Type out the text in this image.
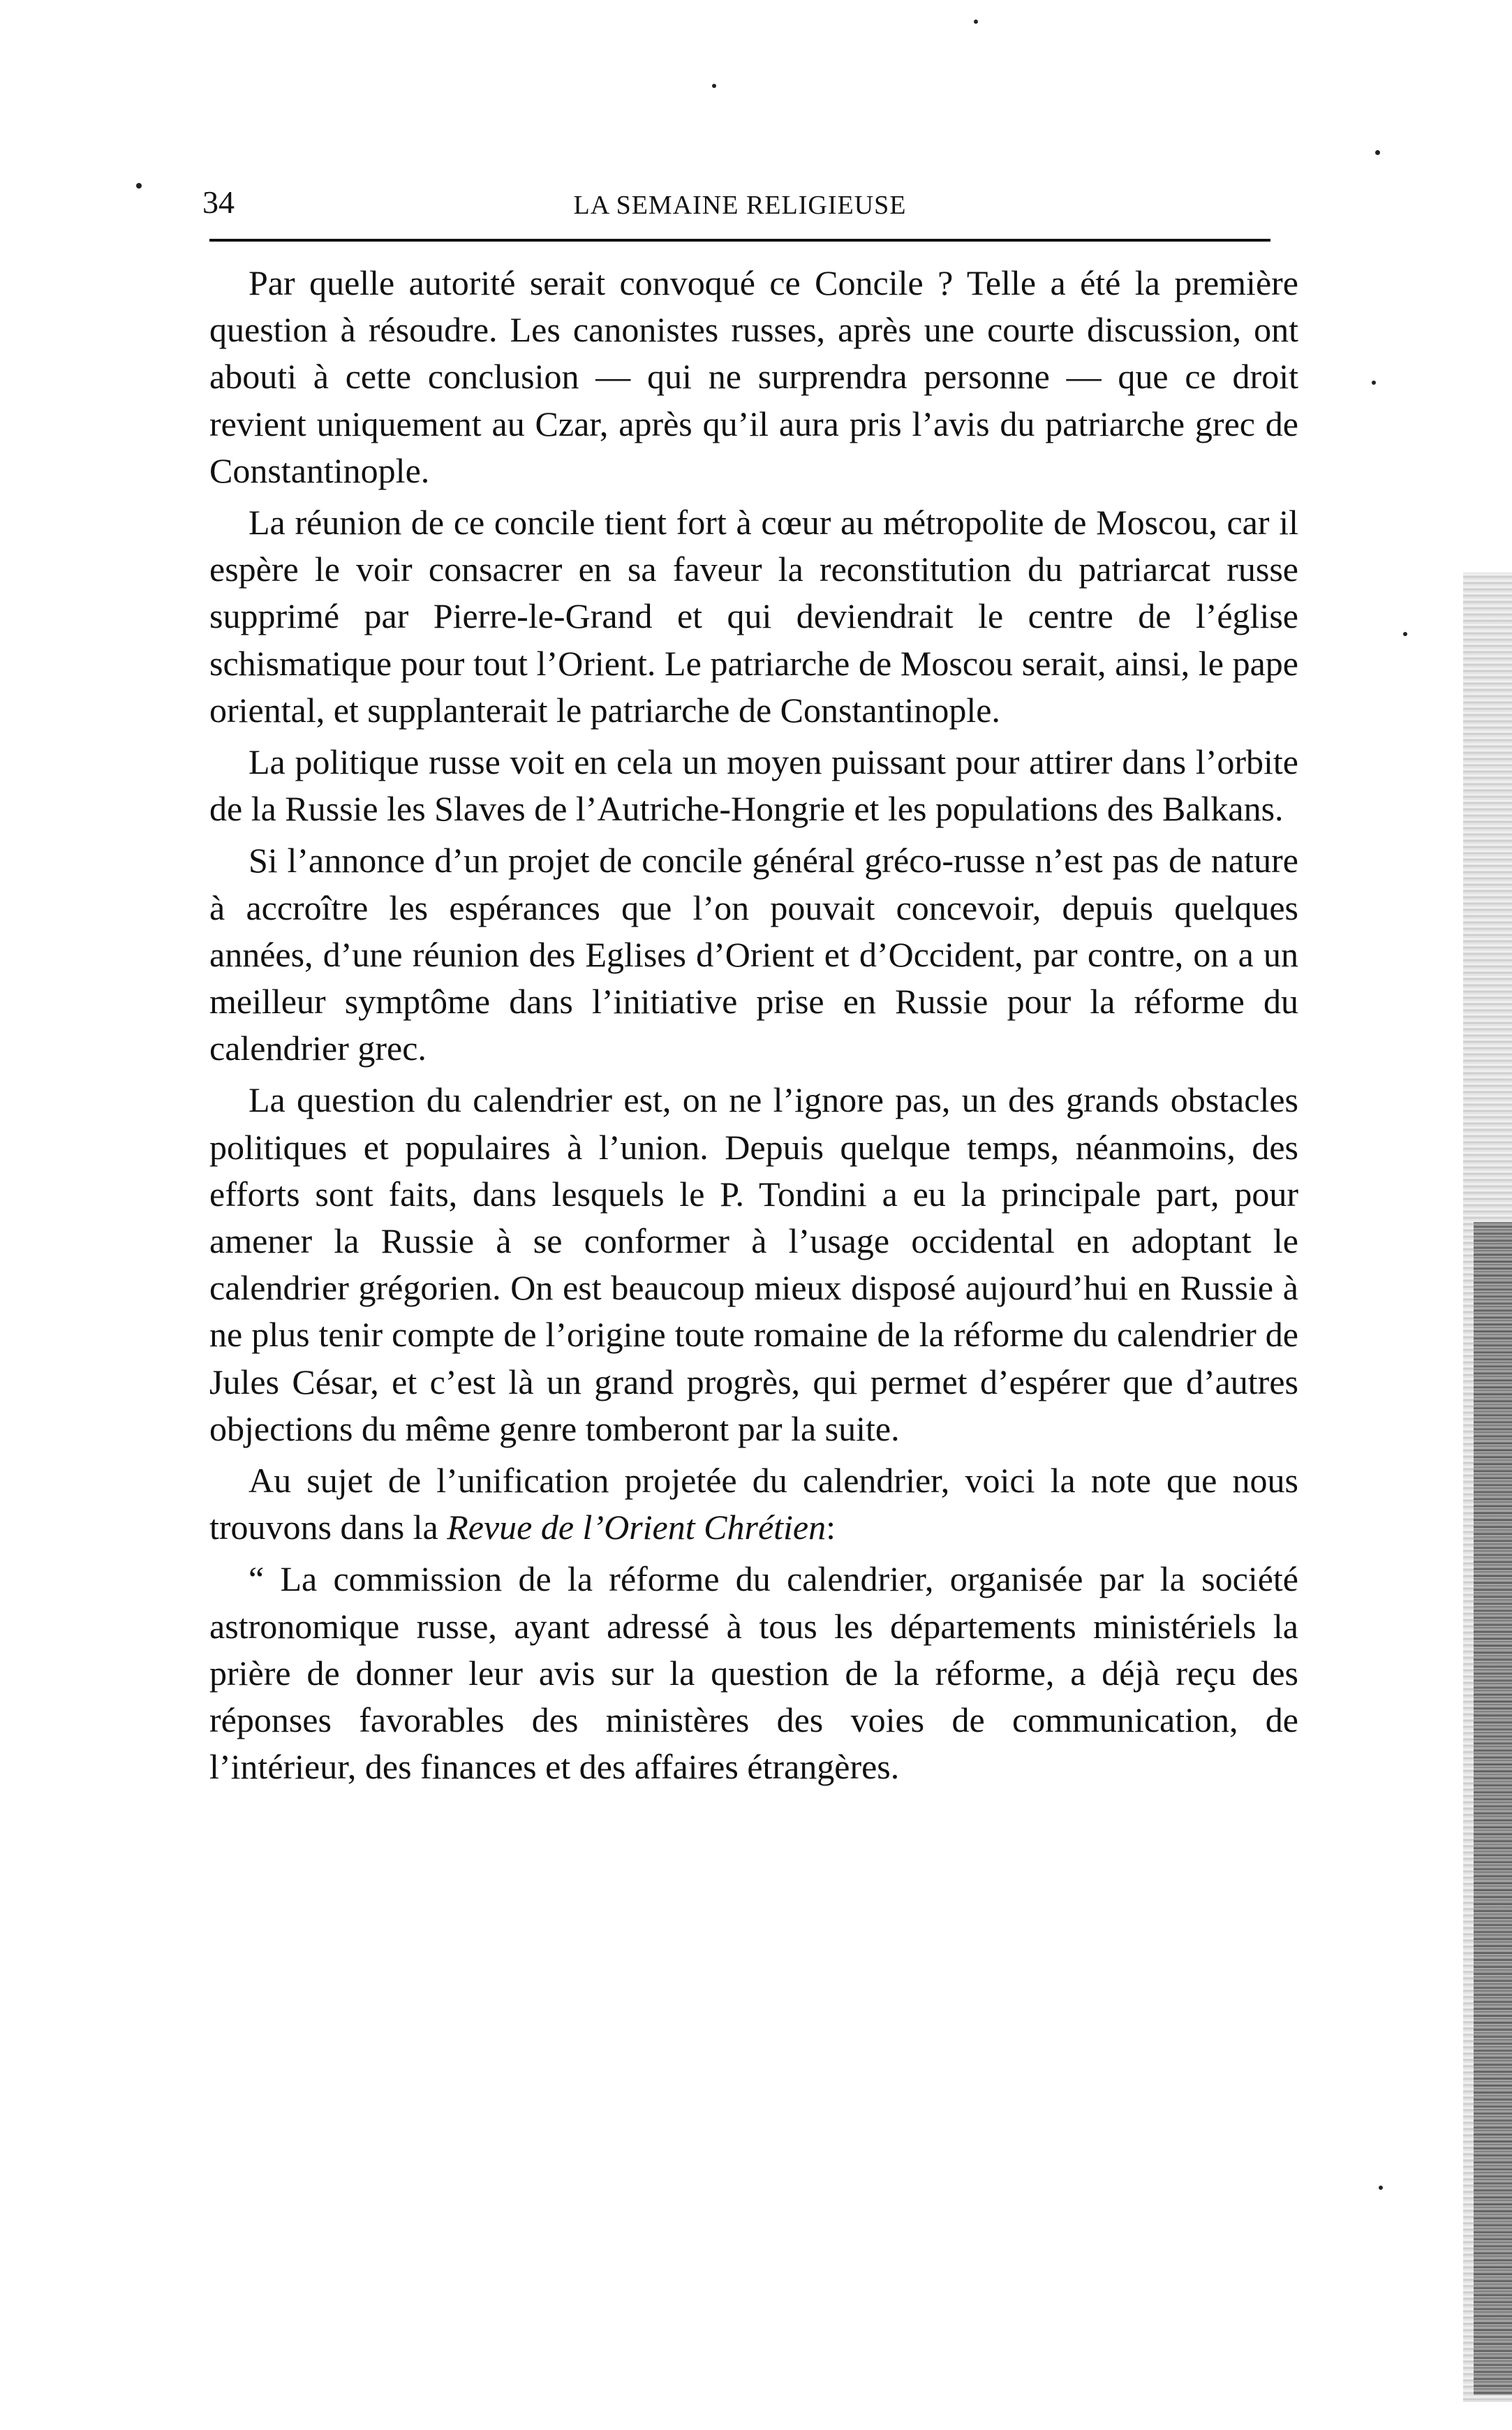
34	LA SEMAINE RELIGIEUSE

Par quelle autorité serait convoqué ce Concile ? Telle a été la première question à résoudre. Les canonistes russes, après une courte discussion, ont abouti à cette conclusion — qui ne surprendra personne — que ce droit revient uniquement au Czar, après qu’il aura pris l’avis du patriarche grec de Constantinople.

La réunion de ce concile tient fort à cœur au métropolite de Moscou, car il espère le voir consacrer en sa faveur la reconstitution du patriarcat russe supprimé par Pierre-le-Grand et qui deviendrait le centre de l’église schismatique pour tout l’Orient. Le patriarche de Moscou serait, ainsi, le pape oriental, et supplanterait le patriarche de Constantinople.

La politique russe voit en cela un moyen puissant pour attirer dans l’orbite de la Russie les Slaves de l’Autriche-Hongrie et les populations des Balkans.

Si l’annonce d’un projet de concile général gréco-russe n’est pas de nature à accroître les espérances que l’on pouvait concevoir, depuis quelques années, d’une réunion des Eglises d’Orient et d’Occident, par contre, on a un meilleur symptôme dans l’initiative prise en Russie pour la réforme du calendrier grec.

La question du calendrier est, on ne l’ignore pas, un des grands obstacles politiques et populaires à l’union. Depuis quelque temps, néanmoins, des efforts sont faits, dans lesquels le P. Tondini a eu la principale part, pour amener la Russie à se conformer à l’usage occidental en adoptant le calendrier grégorien. On est beaucoup mieux disposé aujourd’hui en Russie à ne plus tenir compte de l’origine toute romaine de la réforme du calendrier de Jules César, et c’est là un grand progrès, qui permet d’espérer que d’autres objections du même genre tomberont par la suite.

Au sujet de l’unification projetée du calendrier, voici la note que nous trouvons dans la Revue de l’Orient Chrétien:

“ La commission de la réforme du calendrier, organisée par la société astronomique russe, ayant adressé à tous les départements ministériels la prière de donner leur avis sur la question de la réforme, a déjà reçu des réponses favorables des ministères des voies de communication, de l’intérieur, des finances et des affaires étrangères.
